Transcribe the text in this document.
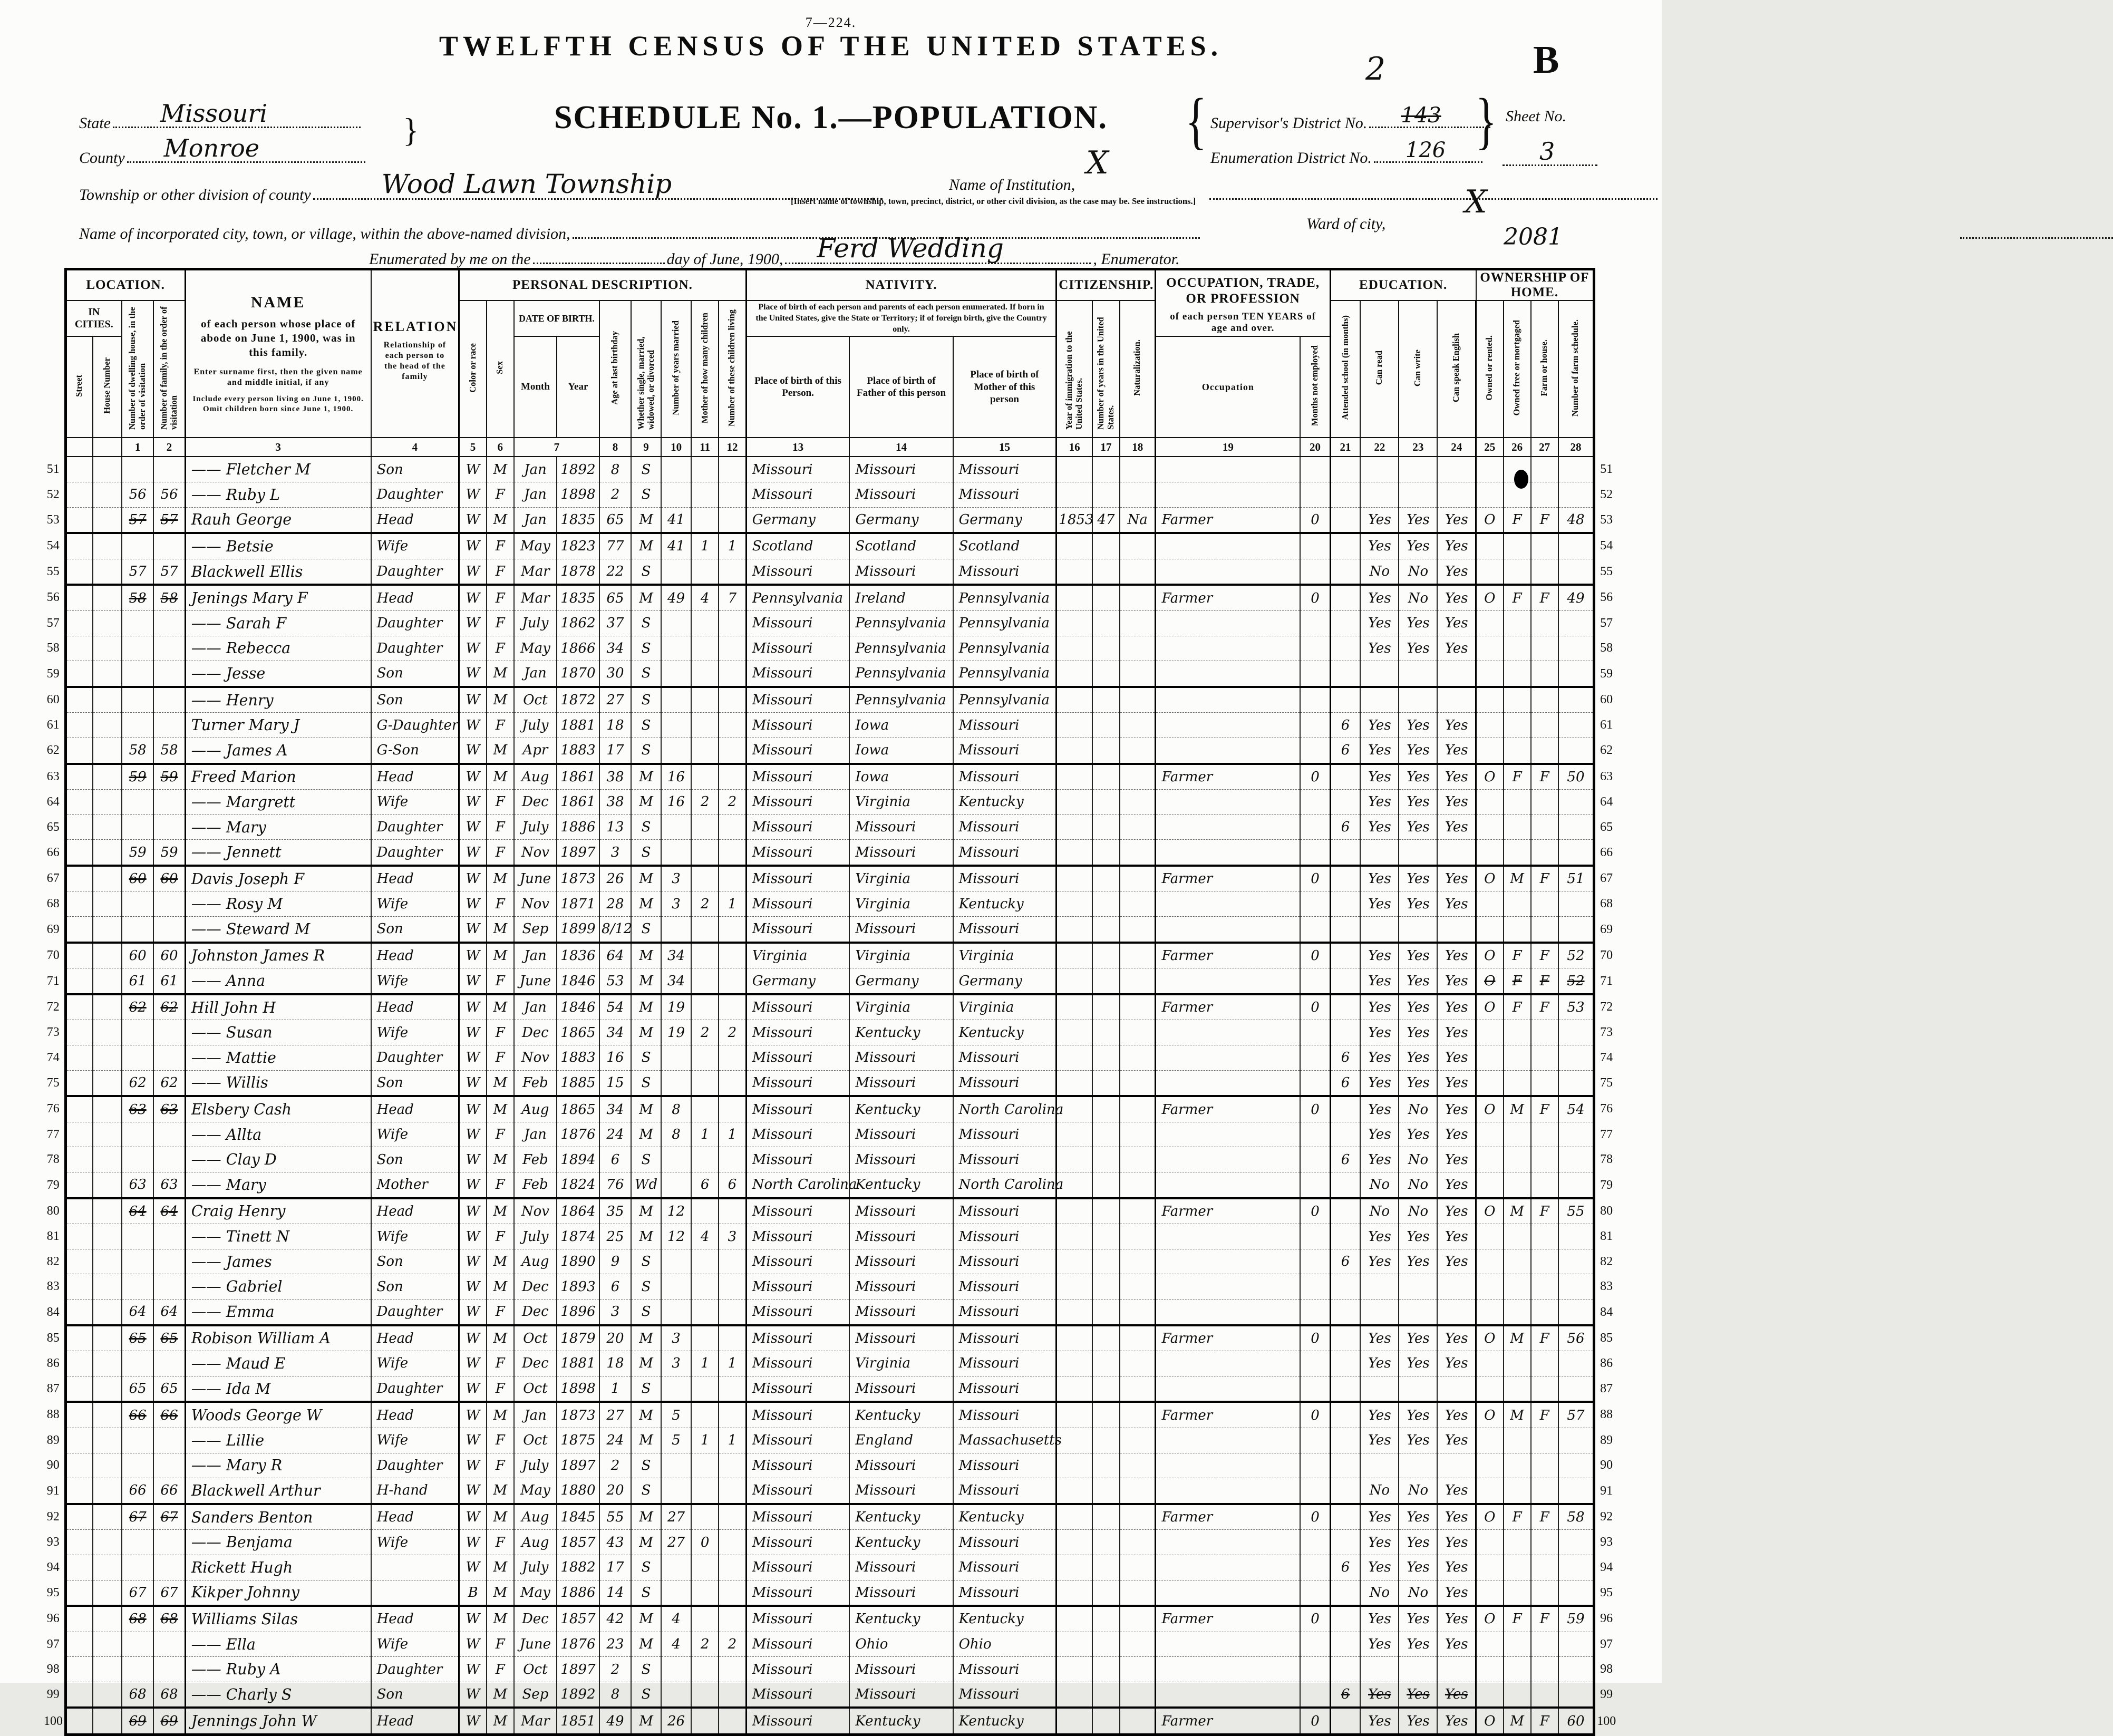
7—224.
TWELFTH CENSUS OF THE UNITED STATES.	B
SCHEDULE No. 1.—POPULATION.
State Missouri
County Monroe	}	{ Supervisor's District No. 143
2
Enumeration District No. 126 } Sheet No.
3

Township or other division of county	Wood Lawn Township
[Insert name of township, town, precinct, district, or other civil division, as the case may be. See instructions.]
Name of Institution,

X
Name of incorporated city, town, or village, within the above-named division,
Ward of city,
X
Enumerated by me on the	day of June, 1900, Ferd Wedding	, Enumerator.
2081
	LOCATION.	
NAME
of each person whose place of abode on June 1, 1900, was in this family.
Enter surname first, then the given name and middle initial, if any
Include every person living on June 1, 1900. Omit children born since June 1, 1900.

RELATION
Relationship of each person to the head of the family
	PERSONAL DESCRIPTION.	NATIVITY.	CITIZENSHIP.	OCCUPATION, TRADE, OR PROFESSION
of each person TEN YEARS of age and over.
	EDUCATION.	OWNERSHIP OF HOME.	
	IN CITIES.		Number of dwelling house, in the order of visitation	Number of family, in the order of visitation			Color or race	Sex	DATE OF BIRTH.		Age at last birthday	Whether single, married, widowed, or divorced	Number of years married	Mother of how many children	Number of these children living	Place of birth of each person and parents of each person enumerated. If born in the United States, give the State or Territory; if of foreign birth, give the Country only.			Year of immigration to the United States.	Number of years in the United States.	Naturalization.			Attended school (in months)	Can read	Can write	Can speak English	Owned or rented.	Owned free or mortgaged	Farm or house.	Number of farm schedule.	
	Street	House Number							Month	Year						Place of birth of this Person.	Place of birth of Father of this person	Place of birth of Mother of this person				Occupation	Months not employed									
			1	2	3	4	5	6	7		8	9	10	11	12	13	14	15	16	17	18	19	20	21	22	23	24	25	26	27	28	
51					—— Fletcher M	Son	W	M	Jan	1892	8	S				Missouri	Missouri	Missouri														51
52			56	56	—— Ruby L	Daughter	W	F	Jan	1898	2	S				Missouri	Missouri	Missouri														52
53			57	57	Rauh George	Head	W	M	Jan	1835	65	M	41			Germany	Germany	Germany	1853	47	Na	Farmer	0		Yes	Yes	Yes	O	F	F	48	53
54					—— Betsie	Wife	W	F	May	1823	77	M	41	1	1	Scotland	Scotland	Scotland							Yes	Yes	Yes					54
55			57	57	Blackwell Ellis	Daughter	W	F	Mar	1878	22	S				Missouri	Missouri	Missouri							No	No	Yes					55
56			58	58	Jenings Mary F	Head	W	F	Mar	1835	65	M	49	4	7	Pennsylvania	Ireland	Pennsylvania				Farmer	0		Yes	No	Yes	O	F	F	49	56
57					—— Sarah F	Daughter	W	F	July	1862	37	S				Missouri	Pennsylvania	Pennsylvania							Yes	Yes	Yes					57
58					—— Rebecca	Daughter	W	F	May	1866	34	S				Missouri	Pennsylvania	Pennsylvania							Yes	Yes	Yes					58
59					—— Jesse	Son	W	M	Jan	1870	30	S				Missouri	Pennsylvania	Pennsylvania														59
60					—— Henry	Son	W	M	Oct	1872	27	S				Missouri	Pennsylvania	Pennsylvania														60
61					Turner Mary J	G-Daughter	W	F	July	1881	18	S				Missouri	Iowa	Missouri						6	Yes	Yes	Yes					61
62			58	58	—— James A	G-Son	W	M	Apr	1883	17	S				Missouri	Iowa	Missouri						6	Yes	Yes	Yes					62
63			59	59	Freed Marion	Head	W	M	Aug	1861	38	M	16			Missouri	Iowa	Missouri				Farmer	0		Yes	Yes	Yes	O	F	F	50	63
64					—— Margrett	Wife	W	F	Dec	1861	38	M	16	2	2	Missouri	Virginia	Kentucky							Yes	Yes	Yes					64
65					—— Mary	Daughter	W	F	July	1886	13	S				Missouri	Missouri	Missouri						6	Yes	Yes	Yes					65
66			59	59	—— Jennett	Daughter	W	F	Nov	1897	3	S				Missouri	Missouri	Missouri														66
67			60	60	Davis Joseph F	Head	W	M	June	1873	26	M	3			Missouri	Virginia	Missouri				Farmer	0		Yes	Yes	Yes	O	M	F	51	67
68					—— Rosy M	Wife	W	F	Nov	1871	28	M	3	2	1	Missouri	Virginia	Kentucky							Yes	Yes	Yes					68
69					—— Steward M	Son	W	M	Sep	1899	8/12	S				Missouri	Missouri	Missouri														69
70			60	60	Johnston James R	Head	W	M	Jan	1836	64	M	34			Virginia	Virginia	Virginia				Farmer	0		Yes	Yes	Yes	O	F	F	52	70
71			61	61	—— Anna	Wife	W	F	June	1846	53	M	34			Germany	Germany	Germany							Yes	Yes	Yes	O	F	F	52	71
72			62	62	Hill John H	Head	W	M	Jan	1846	54	M	19			Missouri	Virginia	Virginia				Farmer	0		Yes	Yes	Yes	O	F	F	53	72
73					—— Susan	Wife	W	F	Dec	1865	34	M	19	2	2	Missouri	Kentucky	Kentucky							Yes	Yes	Yes					73
74					—— Mattie	Daughter	W	F	Nov	1883	16	S				Missouri	Missouri	Missouri						6	Yes	Yes	Yes					74
75			62	62	—— Willis	Son	W	M	Feb	1885	15	S				Missouri	Missouri	Missouri						6	Yes	Yes	Yes					75
76			63	63	Elsbery Cash	Head	W	M	Aug	1865	34	M	8			Missouri	Kentucky	North Carolina				Farmer	0		Yes	No	Yes	O	M	F	54	76
77					—— Allta	Wife	W	F	Jan	1876	24	M	8	1	1	Missouri	Missouri	Missouri							Yes	Yes	Yes					77
78					—— Clay D	Son	W	M	Feb	1894	6	S				Missouri	Missouri	Missouri						6	Yes	No	Yes					78
79			63	63	—— Mary	Mother	W	F	Feb	1824	76	Wd		6	6	North Carolina	Kentucky	North Carolina							No	No	Yes					79
80			64	64	Craig Henry	Head	W	M	Nov	1864	35	M	12			Missouri	Missouri	Missouri				Farmer	0		No	No	Yes	O	M	F	55	80
81					—— Tinett N	Wife	W	F	July	1874	25	M	12	4	3	Missouri	Missouri	Missouri							Yes	Yes	Yes					81
82					—— James	Son	W	M	Aug	1890	9	S				Missouri	Missouri	Missouri						6	Yes	Yes	Yes					82
83					—— Gabriel	Son	W	M	Dec	1893	6	S				Missouri	Missouri	Missouri														83
84			64	64	—— Emma	Daughter	W	F	Dec	1896	3	S				Missouri	Missouri	Missouri														84
85			65	65	Robison William A	Head	W	M	Oct	1879	20	M	3			Missouri	Missouri	Missouri				Farmer	0		Yes	Yes	Yes	O	M	F	56	85
86					—— Maud E	Wife	W	F	Dec	1881	18	M	3	1	1	Missouri	Virginia	Missouri							Yes	Yes	Yes					86
87			65	65	—— Ida M	Daughter	W	F	Oct	1898	1	S				Missouri	Missouri	Missouri														87
88			66	66	Woods George W	Head	W	M	Jan	1873	27	M	5			Missouri	Kentucky	Missouri				Farmer	0		Yes	Yes	Yes	O	M	F	57	88
89					—— Lillie	Wife	W	F	Oct	1875	24	M	5	1	1	Missouri	England	Massachusetts							Yes	Yes	Yes					89
90					—— Mary R	Daughter	W	F	July	1897	2	S				Missouri	Missouri	Missouri														90
91			66	66	Blackwell Arthur	H-hand	W	M	May	1880	20	S				Missouri	Missouri	Missouri							No	No	Yes					91
92			67	67	Sanders Benton	Head	W	M	Aug	1845	55	M	27			Missouri	Kentucky	Kentucky				Farmer	0		Yes	Yes	Yes	O	F	F	58	92
93					—— Benjama	Wife	W	F	Aug	1857	43	M	27	0		Missouri	Kentucky	Missouri							Yes	Yes	Yes					93
94					Rickett Hugh		W	M	July	1882	17	S				Missouri	Missouri	Missouri						6	Yes	Yes	Yes					94
95			67	67	Kikper Johnny		B	M	May	1886	14	S				Missouri	Missouri	Missouri							No	No	Yes					95
96			68	68	Williams Silas	Head	W	M	Dec	1857	42	M	4			Missouri	Kentucky	Kentucky				Farmer	0		Yes	Yes	Yes	O	F	F	59	96
97					—— Ella	Wife	W	F	June	1876	23	M	4	2	2	Missouri	Ohio	Ohio							Yes	Yes	Yes					97
98					—— Ruby A	Daughter	W	F	Oct	1897	2	S				Missouri	Missouri	Missouri														98
99			68	68	—— Charly S	Son	W	M	Sep	1892	8	S				Missouri	Missouri	Missouri						6	Yes	Yes	Yes					99
100			69	69	Jennings John W	Head	W	M	Mar	1851	49	M	26			Missouri	Kentucky	Kentucky				Farmer	0		Yes	Yes	Yes	O	M	F	60	100
